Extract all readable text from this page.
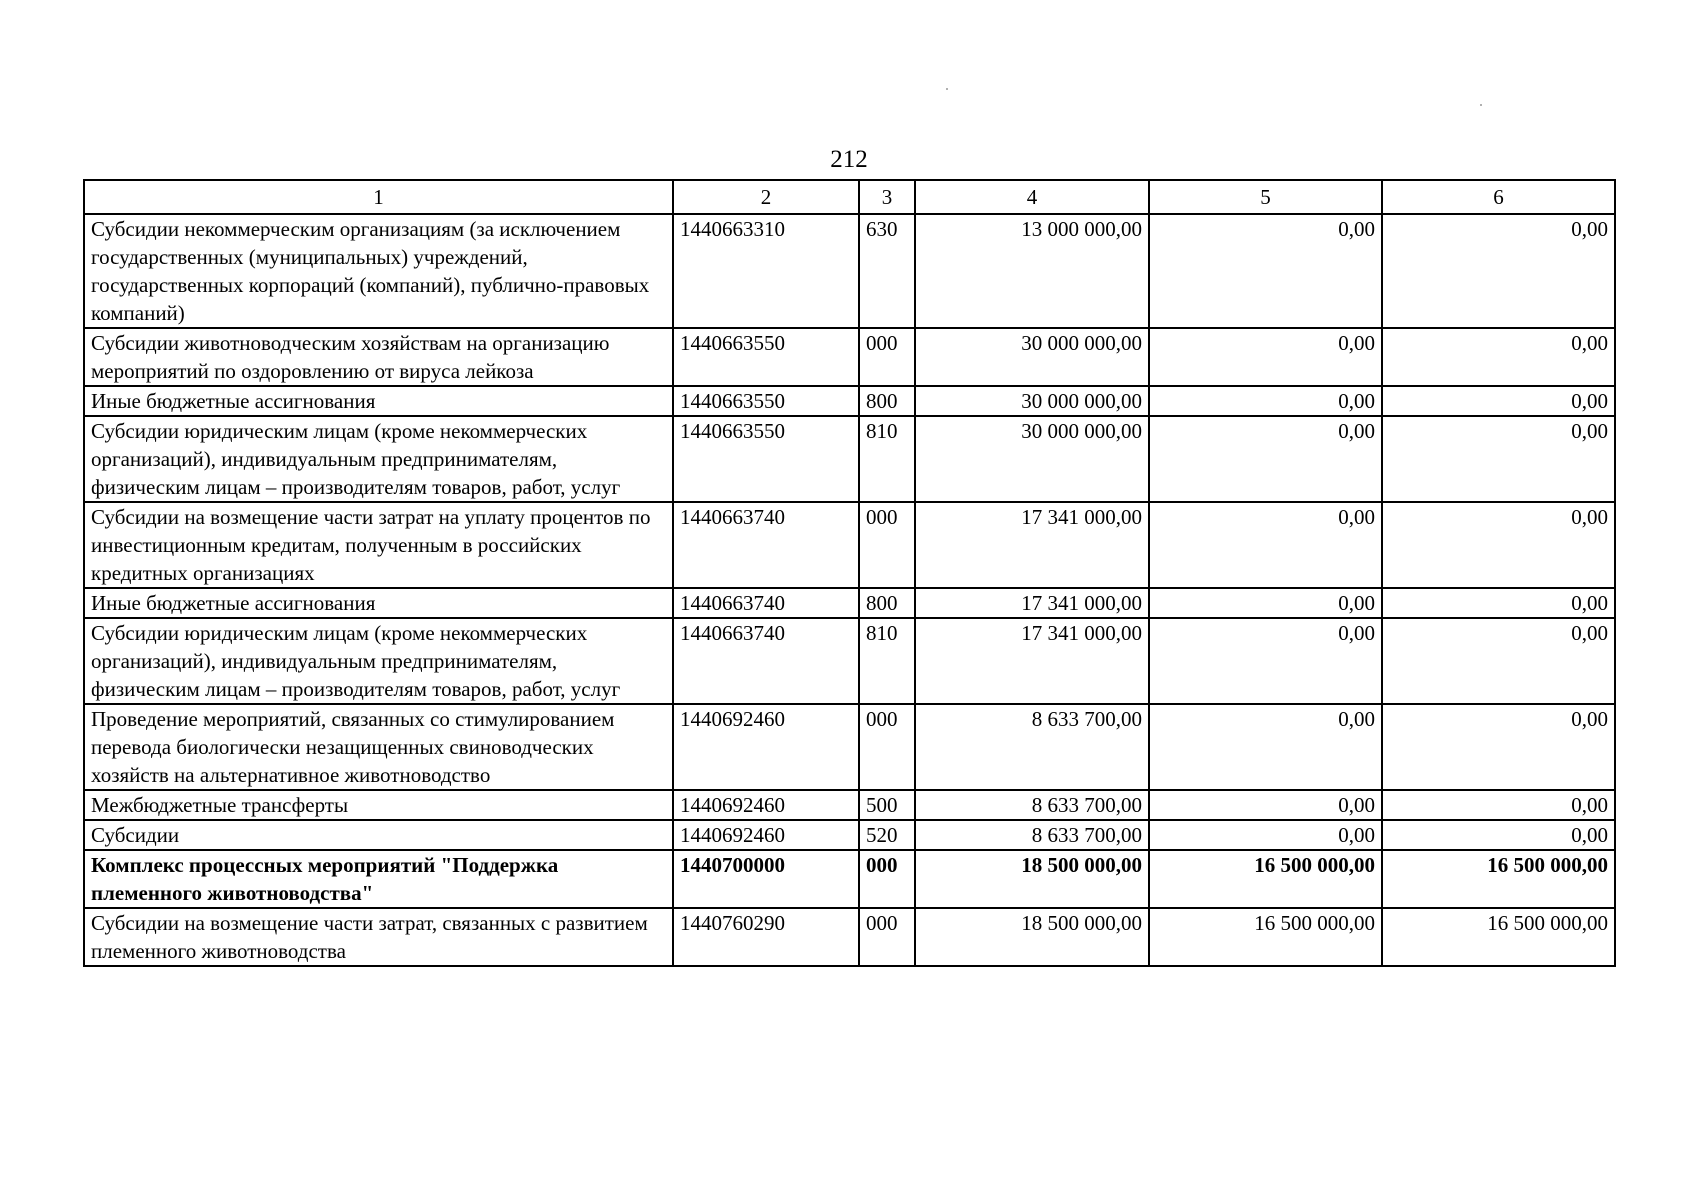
212
1	2	3	4	5	6
Субсидии некоммерческим организациям (за исключением государственных (муниципальных) учреждений, государственных корпораций (компаний), публично-правовых компаний)	1440663310	630	13 000 000,00	0,00	0,00
Субсидии животноводческим хозяйствам на организацию мероприятий по оздоровлению от вируса лейкоза	1440663550	000	30 000 000,00	0,00	0,00
Иные бюджетные ассигнования	1440663550	800	30 000 000,00	0,00	0,00
Субсидии юридическим лицам (кроме некоммерческих организаций), индивидуальным предпринимателям, физическим лицам – производителям товаров, работ, услуг	1440663550	810	30 000 000,00	0,00	0,00
Субсидии на возмещение части затрат на уплату процентов по инвестиционным кредитам, полученным в российских кредитных организациях	1440663740	000	17 341 000,00	0,00	0,00
Иные бюджетные ассигнования	1440663740	800	17 341 000,00	0,00	0,00
Субсидии юридическим лицам (кроме некоммерческих организаций), индивидуальным предпринимателям, физическим лицам – производителям товаров, работ, услуг	1440663740	810	17 341 000,00	0,00	0,00
Проведение мероприятий, связанных со стимулированием перевода биологически незащищенных свиноводческих хозяйств на альтернативное животноводство	1440692460	000	8 633 700,00	0,00	0,00
Межбюджетные трансферты	1440692460	500	8 633 700,00	0,00	0,00
Субсидии	1440692460	520	8 633 700,00	0,00	0,00
Комплекс процессных мероприятий "Поддержка племенного животноводства"	1440700000	000	18 500 000,00	16 500 000,00	16 500 000,00
Субсидии на возмещение части затрат, связанных с развитием племенного животноводства	1440760290	000	18 500 000,00	16 500 000,00	16 500 000,00
